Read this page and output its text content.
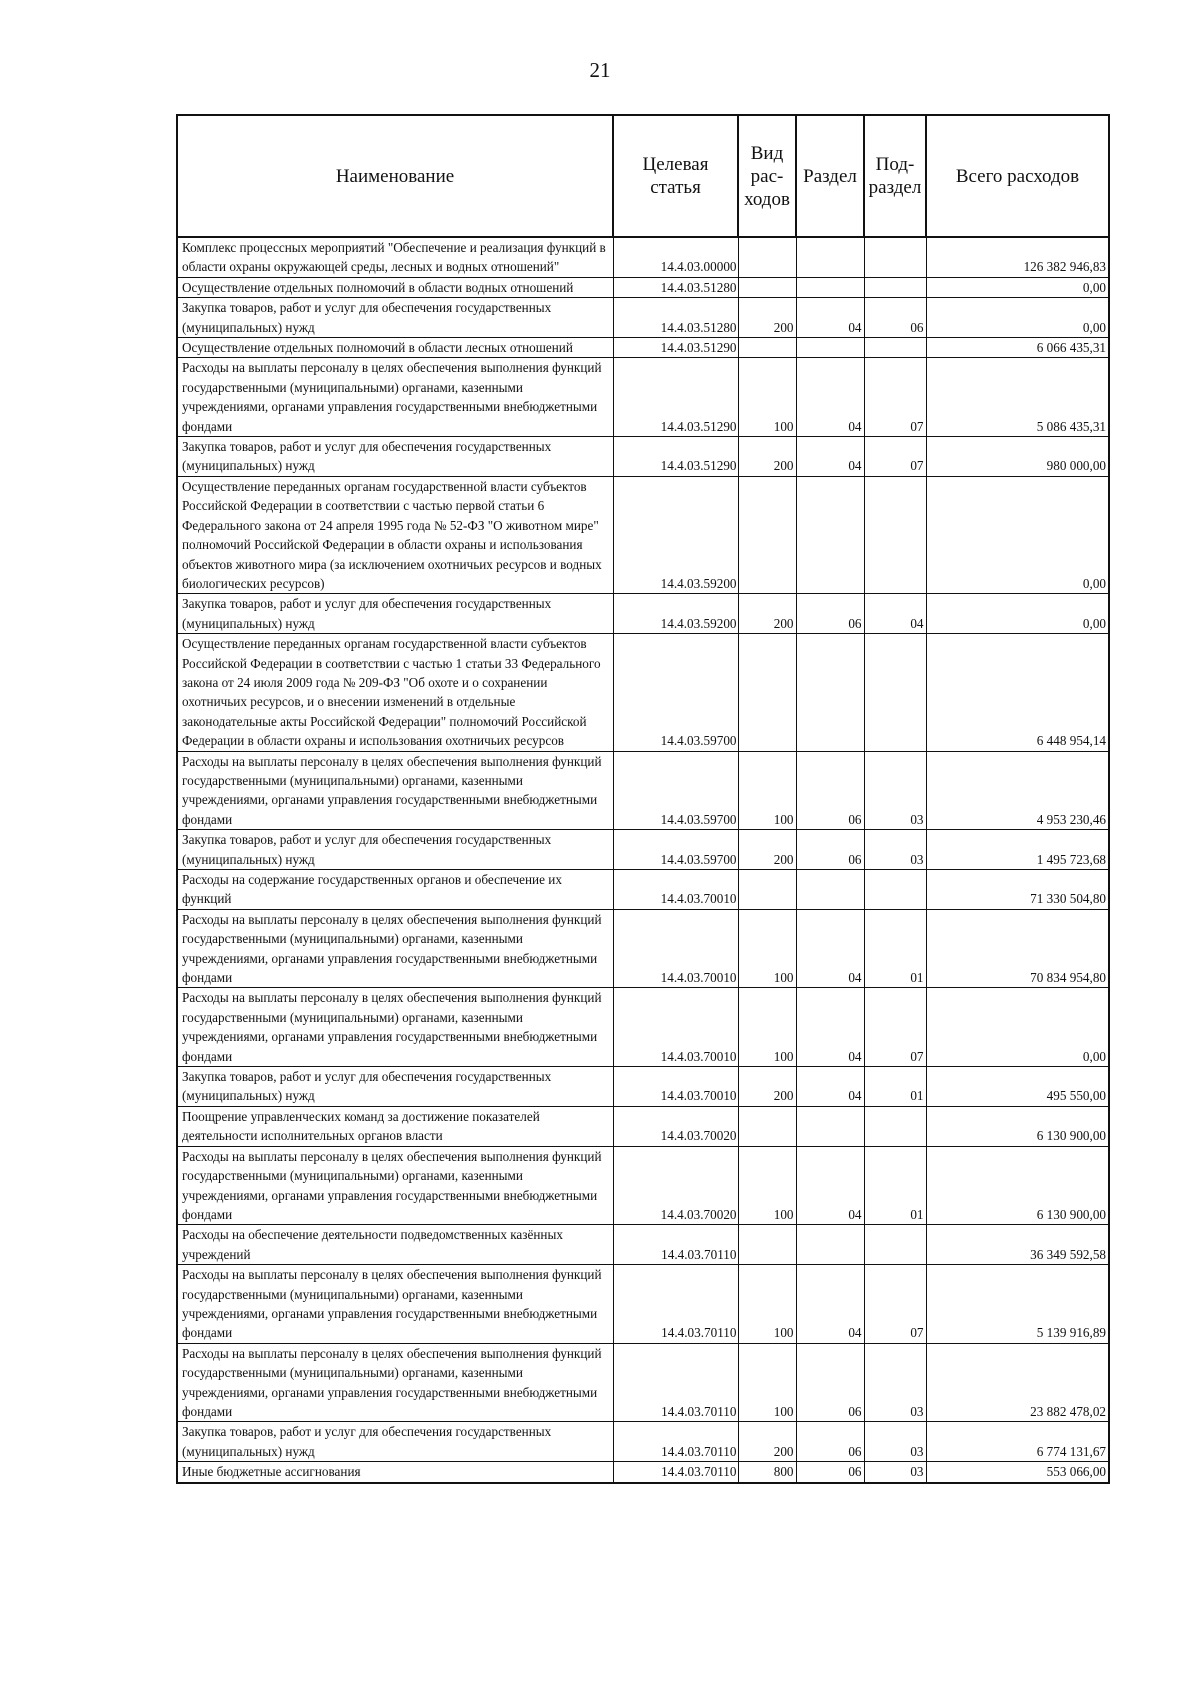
21
Наименование	Целевая статья	Вид рас-ходов	Раздел	Под-раздел	Всего расходов
Комплекс процессных мероприятий "Обеспечение и реализация функций в области охраны окружающей среды, лесных и водных отношений"	14.4.03.00000				126 382 946,83
Осуществление отдельных полномочий в области водных отношений	14.4.03.51280				0,00
Закупка товаров, работ и услуг для обеспечения государственных (муниципальных) нужд	14.4.03.51280	200	04	06	0,00
Осуществление отдельных полномочий в области лесных отношений	14.4.03.51290				6 066 435,31
Расходы на выплаты персоналу в целях обеспечения выполнения функций государственными (муниципальными) органами, казенными учреждениями, органами управления государственными внебюджетными фондами	14.4.03.51290	100	04	07	5 086 435,31
Закупка товаров, работ и услуг для обеспечения государственных (муниципальных) нужд	14.4.03.51290	200	04	07	980 000,00
Осуществление переданных органам государственной власти субъектов Российской Федерации в соответствии с частью первой статьи 6 Федерального закона от 24 апреля 1995 года № 52-ФЗ "О животном мире" полномочий Российской Федерации в области охраны и использования объектов животного мира (за исключением охотничьих ресурсов и водных биологических ресурсов)	14.4.03.59200				0,00
Закупка товаров, работ и услуг для обеспечения государственных (муниципальных) нужд	14.4.03.59200	200	06	04	0,00
Осуществление переданных органам государственной власти субъектов Российской Федерации в соответствии с частью 1 статьи 33 Федерального закона от 24 июля 2009 года № 209-ФЗ "Об охоте и о сохранении охотничьих ресурсов, и о внесении изменений в отдельные законодательные акты Российской Федерации" полномочий Российской Федерации в области охраны и использования охотничьих ресурсов	14.4.03.59700				6 448 954,14
Расходы на выплаты персоналу в целях обеспечения выполнения функций государственными (муниципальными) органами, казенными учреждениями, органами управления государственными внебюджетными фондами	14.4.03.59700	100	06	03	4 953 230,46
Закупка товаров, работ и услуг для обеспечения государственных (муниципальных) нужд	14.4.03.59700	200	06	03	1 495 723,68
Расходы на содержание государственных органов и обеспечение их функций	14.4.03.70010				71 330 504,80
Расходы на выплаты персоналу в целях обеспечения выполнения функций государственными (муниципальными) органами, казенными учреждениями, органами управления государственными внебюджетными фондами	14.4.03.70010	100	04	01	70 834 954,80
Расходы на выплаты персоналу в целях обеспечения выполнения функций государственными (муниципальными) органами, казенными учреждениями, органами управления государственными внебюджетными фондами	14.4.03.70010	100	04	07	0,00
Закупка товаров, работ и услуг для обеспечения государственных (муниципальных) нужд	14.4.03.70010	200	04	01	495 550,00
Поощрение управленческих команд за достижение показателей деятельности исполнительных органов власти	14.4.03.70020				6 130 900,00
Расходы на выплаты персоналу в целях обеспечения выполнения функций государственными (муниципальными) органами, казенными учреждениями, органами управления государственными внебюджетными фондами	14.4.03.70020	100	04	01	6 130 900,00
Расходы на обеспечение деятельности подведомственных казённых учреждений	14.4.03.70110				36 349 592,58
Расходы на выплаты персоналу в целях обеспечения выполнения функций государственными (муниципальными) органами, казенными учреждениями, органами управления государственными внебюджетными фондами	14.4.03.70110	100	04	07	5 139 916,89
Расходы на выплаты персоналу в целях обеспечения выполнения функций государственными (муниципальными) органами, казенными учреждениями, органами управления государственными внебюджетными фондами	14.4.03.70110	100	06	03	23 882 478,02
Закупка товаров, работ и услуг для обеспечения государственных (муниципальных) нужд	14.4.03.70110	200	06	03	6 774 131,67
Иные бюджетные ассигнования	14.4.03.70110	800	06	03	553 066,00
